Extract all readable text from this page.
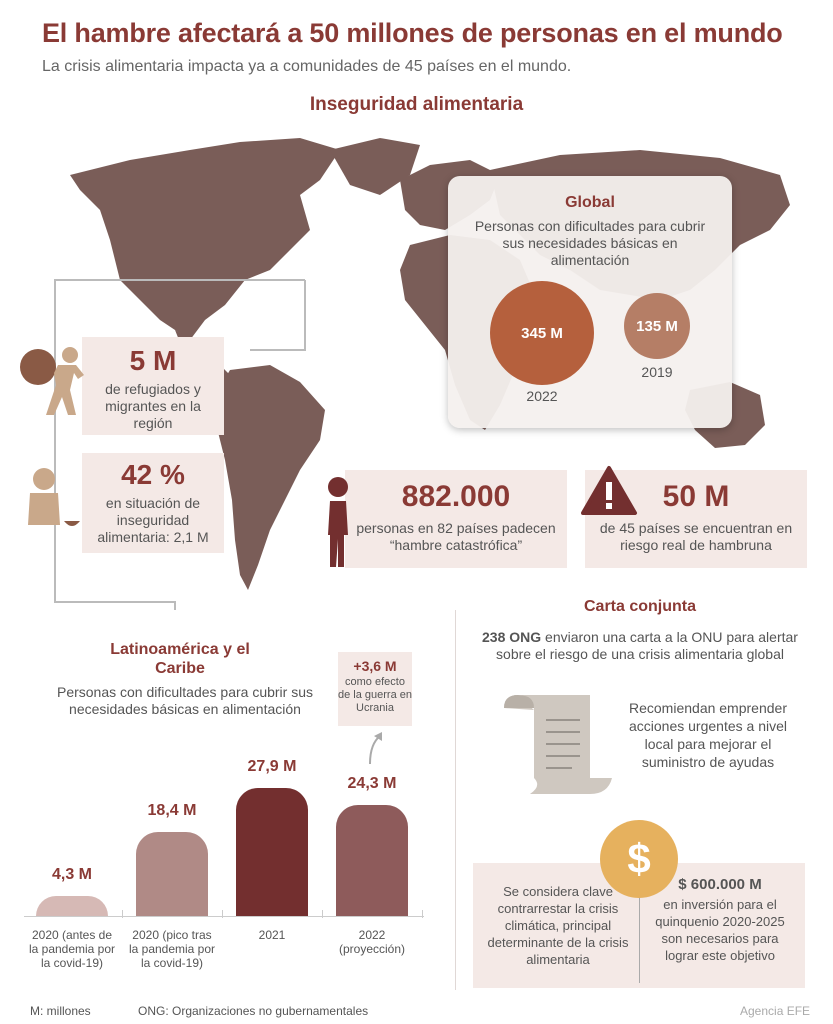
El hambre afectará a 50 millones de personas en el mundo
La crisis alimentaria impacta ya a comunidades de 45 países en el mundo.
Inseguridad alimentaria
Global
Personas con dificultades para cubrir sus necesidades básicas en alimentación
345 M
2022
135 M
2019
5 M
de refugiados y migrantes en la región
42 %
en situación de inseguridad alimentaria: 2,1 M
882.000
personas en 82 países padecen “hambre catastrófica”
50 M
de 45 países se encuentran en riesgo real de hambruna
Latinoamérica y el Caribe
Personas con dificultades para cubrir sus necesidades básicas en alimentación
+3,6 M
como efecto de la guerra en Ucrania
4,3 M
2020 (antes de la pandemia por la covid-19)
18,4 M
2020 (pico tras la pandemia por la covid-19)
27,9 M
2021
24,3 M
2022 (proyección)
Carta conjunta
238 ONG enviaron una carta a la ONU para alertar sobre el riesgo de una crisis alimentaria global
Recomiendan emprender acciones urgentes a nivel local para mejorar el suministro de ayudas
Se considera clave contrarrestar la crisis climática, principal determinante de la crisis alimentaria
$ 600.000 M
en inversión para el quinquenio 2020-2025 son necesarios para lograr este objetivo
$
M: millones	ONG: Organizaciones no gubernamentales	Agencia EFE
